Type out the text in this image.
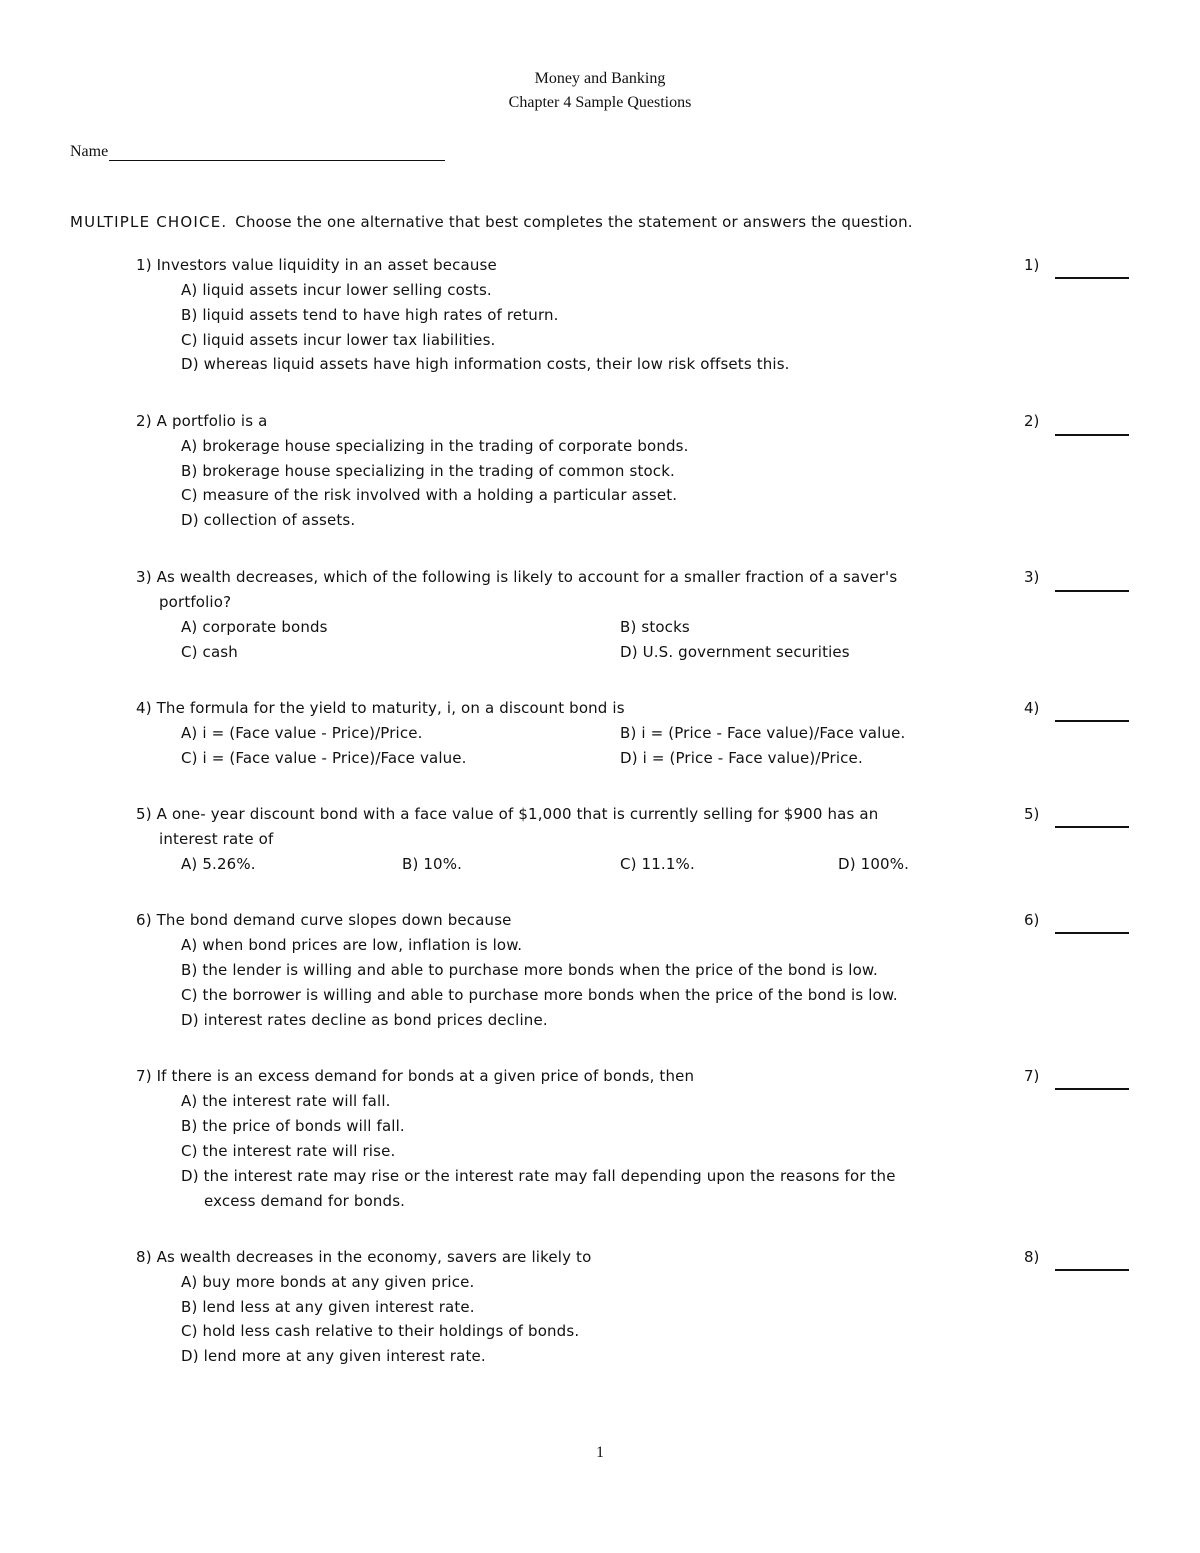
Money and Banking
Chapter 4 Sample Questions
Name
MULTIPLE CHOICE. Choose the one alternative that best completes the statement or answers the question.
1) Investors value liquidity in an asset because
A) liquid assets incur lower selling costs.
B) liquid assets tend to have high rates of return.
C) liquid assets incur lower tax liabilities.
D) whereas liquid assets have high information costs, their low risk offsets this.
1)
2) A portfolio is a
A) brokerage house specializing in the trading of corporate bonds.
B) brokerage house specializing in the trading of common stock.
C) measure of the risk involved with a holding a particular asset.
D) collection of assets.
2)
3) As wealth decreases, which of the following is likely to account for a smaller fraction of a saver's
portfolio?
A) corporate bonds	B) stocks
C) cash	D) U.S. government securities
3)
4) The formula for the yield to maturity, i, on a discount bond is
A) i = (Face value - Price)/Price.	B) i = (Price - Face value)/Face value.
C) i = (Face value - Price)/Face value.	D) i = (Price - Face value)/Price.
4)
5) A one- year discount bond with a face value of $1,000 that is currently selling for $900 has an
interest rate of
A) 5.26%.	B) 10%.	C) 11.1%.	D) 100%.
5)
6) The bond demand curve slopes down because
A) when bond prices are low, inflation is low.
B) the lender is willing and able to purchase more bonds when the price of the bond is low.
C) the borrower is willing and able to purchase more bonds when the price of the bond is low.
D) interest rates decline as bond prices decline.
6)
7) If there is an excess demand for bonds at a given price of bonds, then
A) the interest rate will fall.
B) the price of bonds will fall.
C) the interest rate will rise.
D) the interest rate may rise or the interest rate may fall depending upon the reasons for the
excess demand for bonds.
7)
8) As wealth decreases in the economy, savers are likely to
A) buy more bonds at any given price.
B) lend less at any given interest rate.
C) hold less cash relative to their holdings of bonds.
D) lend more at any given interest rate.
8)
1
